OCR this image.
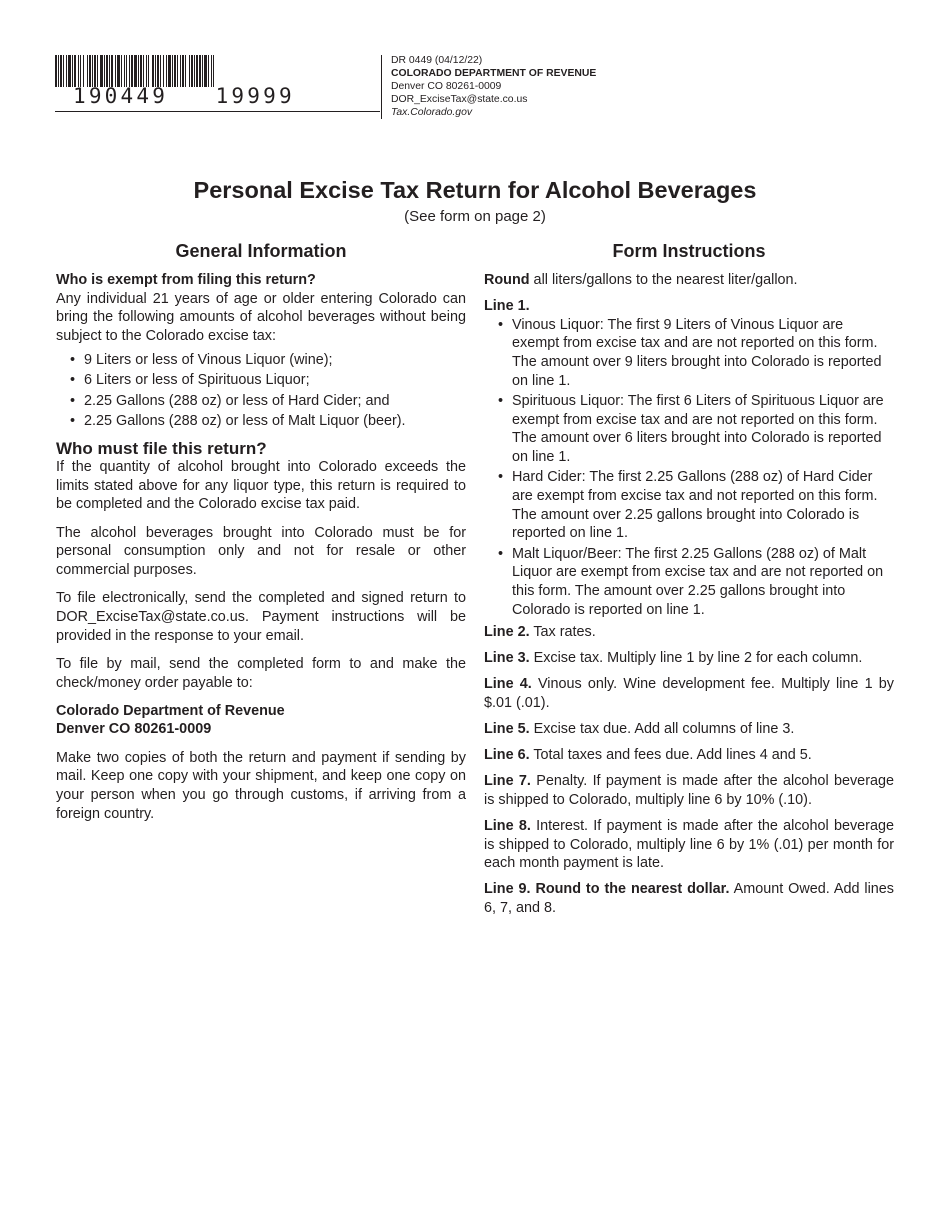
190449   19999
DR 0449 (04/12/22)
COLORADO DEPARTMENT OF REVENUE
Denver CO 80261-0009
DOR_ExciseTax@state.co.us
Tax.Colorado.gov
Personal Excise Tax Return for Alcohol Beverages
(See form on page 2)
General Information
Who is exempt from filing this return?

Any individual 21 years of age or older entering Colorado can bring the following amounts of alcohol beverages without being subject to the Colorado excise tax:

• 9 Liters or less of Vinous Liquor (wine);
• 6 Liters or less of Spirituous Liquor;
• 2.25 Gallons (288 oz) or less of Hard Cider; and
• 2.25 Gallons (288 oz) or less of Malt Liquor (beer).
Who must file this return?

If the quantity of alcohol brought into Colorado exceeds the limits stated above for any liquor type, this return is required to be completed and the Colorado excise tax paid.

The alcohol beverages brought into Colorado must be for personal consumption only and not for resale or other commercial purposes.

To file electronically, send the completed and signed return to DOR_ExciseTax@state.co.us. Payment instructions will be provided in the response to your email.

To file by mail, send the completed form to and make the check/money order payable to:

Colorado Department of Revenue

Denver CO 80261-0009

Make two copies of both the return and payment if sending by mail. Keep one copy with your shipment, and keep one copy on your person when you go through customs, if arriving from a foreign country.

Form Instructions

Round all liters/gallons to the nearest liter/gallon.

Line 1.
• Vinous Liquor: The first 9 Liters of Vinous Liquor are exempt from excise tax and are not reported on this form. The amount over 9 liters brought into Colorado is reported on line 1.
• Spirituous Liquor: The first 6 Liters of Spirituous Liquor are exempt from excise tax and are not reported on this form. The amount over 6 liters brought into Colorado is reported on line 1.
• Hard Cider: The first 2.25 Gallons (288 oz) of Hard Cider are exempt from excise tax and not reported on this form. The amount over 2.25 gallons brought into Colorado is reported on line 1.
• Malt Liquor/Beer: The first 2.25 Gallons (288 oz) of Malt Liquor are exempt from excise tax and are not reported on this form. The amount over 2.25 gallons brought into Colorado is reported on line 1.

Line 2. Tax rates.

Line 3. Excise tax. Multiply line 1 by line 2 for each column.

Line 4. Vinous only. Wine development fee. Multiply line 1 by $.01 (.01).

Line 5. Excise tax due. Add all columns of line 3.

Line 6. Total taxes and fees due. Add lines 4 and 5.

Line 7. Penalty. If payment is made after the alcohol beverage is shipped to Colorado, multiply line 6 by 10% (.10).

Line 8. Interest. If payment is made after the alcohol beverage is shipped to Colorado, multiply line 6 by 1% (.01) per month for each month payment is late.

Line 9. Round to the nearest dollar. Amount Owed. Add lines 6, 7, and 8.
